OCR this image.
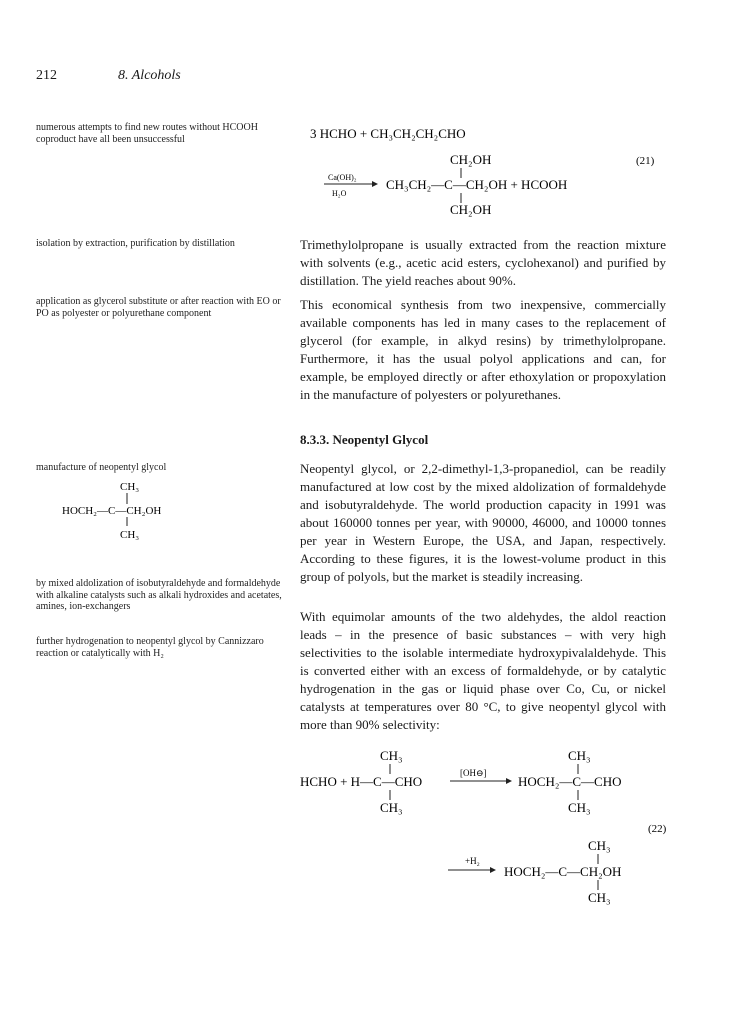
212	8. Alcohols
numerous attempts to find new routes without HCOOH coproduct have all been unsuccessful
isolation by extraction, purification by distillation
application as glycerol substitute or after reaction with EO or PO as polyester or polyurethane component
manufacture of neopentyl glycol
CH₃
HOCH₂—C—CH₂OH
CH₃
by mixed aldolization of isobutyraldehyde and formaldehyde with alkaline catalysts such as alkali hydroxides and acetates, amines, ion-exchangers
further hydrogenation to neopentyl glycol by Cannizzaro reaction or catalytically with H₂
3 HCHO + CH₃CH₂CH₂CHO
CH₂OH	(21)
Ca(OH)₂
H₂O
CH₃CH₂—C—CH₂OH + HCOOH
CH₂OH
Trimethylolpropane is usually extracted from the reaction mixture with solvents (e.g., acetic acid esters, cyclohexanol) and purified by distillation. The yield reaches about 90%.
This economical synthesis from two inexpensive, commercially available components has led in many cases to the replacement of glycerol (for example, in alkyd resins) by trimethylolpropane. Furthermore, it has the usual polyol applications and can, for example, be employed directly or after ethoxylation or propoxylation in the manufacture of polyesters or polyurethanes.
8.3.3. Neopentyl Glycol
Neopentyl glycol, or 2,2-dimethyl-1,3-propanediol, can be readily manufactured at low cost by the mixed aldolization of formaldehyde and isobutyraldehyde. The world production capacity in 1991 was about 160000 tonnes per year, with 90000, 46000, and 10000 tonnes per year in Western Europe, the USA, and Japan, respectively. According to these figures, it is the lowest-volume product in this group of polyols, but the market is steadily increasing.
With equimolar amounts of the two aldehydes, the aldol reaction leads – in the presence of basic substances – with very high selectivities to the isolable intermediate hydroxypivalaldehyde. This is converted either with an excess of formaldehyde, or by catalytic hydrogenation in the gas or liquid phase over Co, Cu, or nickel catalysts at temperatures over 80 °C, to give neopentyl glycol with more than 90% selectivity:
CH₃
HCHO + H—C—CHO
CH₃
[OH⊖]
CH₃
HOCH₂—C—CHO
CH₃
(22)
CH₃
+H₂
HOCH₂—C—CH₂OH
CH₃
